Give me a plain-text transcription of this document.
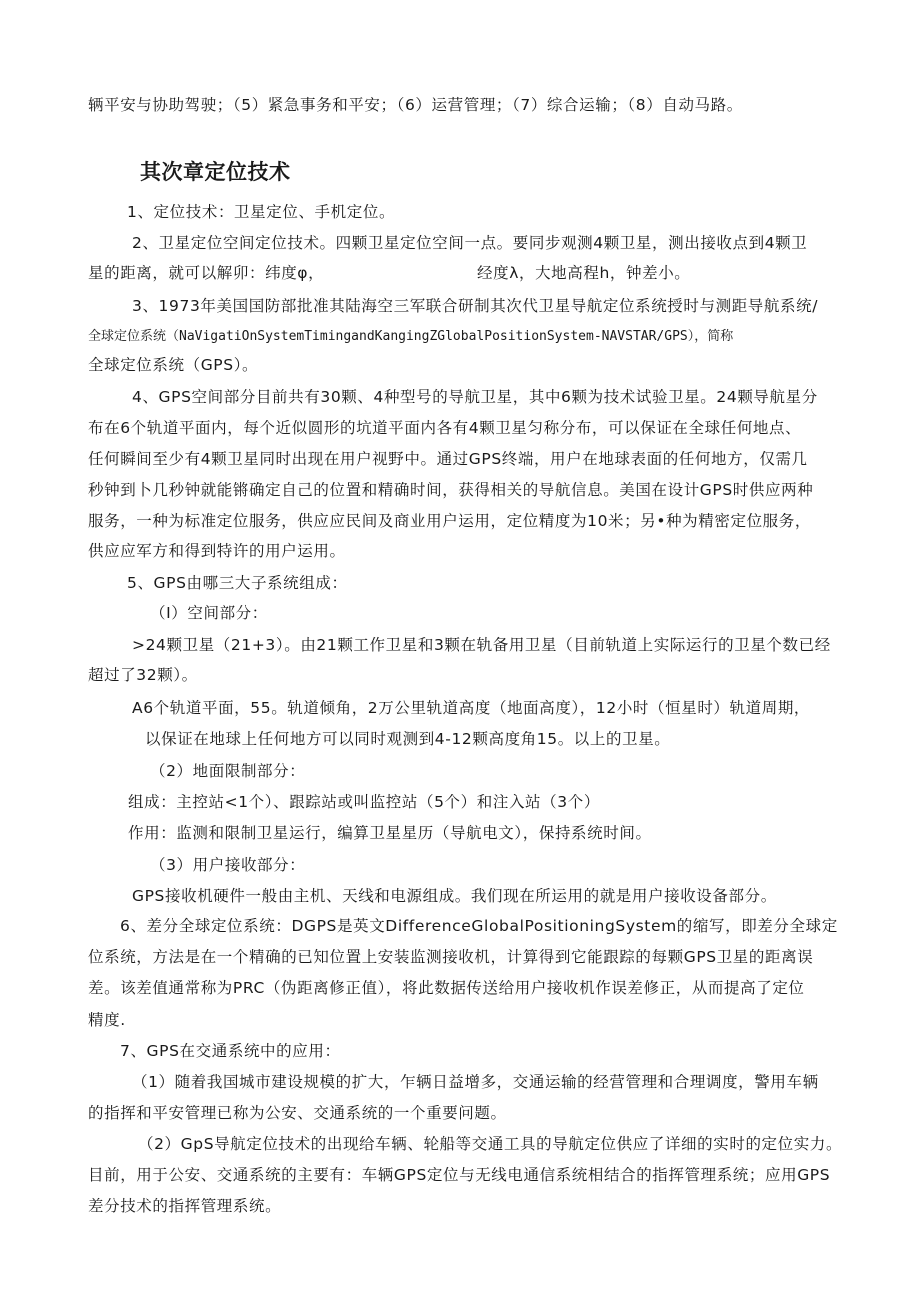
辆平安与协助驾驶；（5）紧急事务和平安；（6）运营管理；（7）综合运输；（8）自动马路。
其次章定位技术
1、定位技术：卫星定位、手机定位。
2、卫星定位空间定位技术。四颗卫星定位空间一点。要同步观测4颗卫星，测出接收点到4颗卫
星的距离，就可以解卯：纬度φ，	经度λ，大地高程h，钟差小。
3、1973年美国国防部批准其陆海空三军联合研制其次代卫星导航定位系统授时与测距导航系统/
全球定位系统（NaVigatiOnSystemTimingandKangingZGlobalPositionSystem-NAVSTAR/GPS），简称
全球定位系统（GPS）。
4、GPS空间部分目前共有30颗、4种型号的导航卫星，其中6颗为技术试验卫星。24颗导航星分
布在6个轨道平面内，每个近似圆形的坑道平面内各有4颗卫星匀称分布，可以保证在全球任何地点、
任何瞬间至少有4颗卫星同时出现在用户视野中。通过GPS终端，用户在地球表面的任何地方，仅需几
秒钟到卜几秒钟就能锵确定自己的位置和精确时间，获得相关的导航信息。美国在设计GPS时供应两种
服务，一种为标准定位服务，供应应民间及商业用户运用，定位精度为10米；另•种为精密定位服务，
供应应军方和得到特许的用户运用。
5、GPS由哪三大子系统组成：
（I）空间部分：
>24颗卫星（21+3）。由21颗工作卫星和3颗在轨备用卫星（目前轨道上实际运行的卫星个数已经
超过了32颗）。
A6个轨道平面，55。轨道倾角，2万公里轨道高度（地面高度），12小时（恒星时）轨道周期，
以保证在地球上任何地方可以同时观测到4-12颗高度角15。以上的卫星。
（2）地面限制部分：
组成：主控站<1个）、跟踪站或叫监控站（5个）和注入站（3个）
作用：监测和限制卫星运行，编算卫星星历（导航电文），保持系统时间。
（3）用户接收部分：
GPS接收机硬件一般由主机、天线和电源组成。我们现在所运用的就是用户接收设备部分。
6、差分全球定位系统：DGPS是英文DifferenceGlobalPositioningSystem的缩写，即差分全球定
位系统，方法是在一个精确的已知位置上安装监测接收机，计算得到它能跟踪的每颗GPS卫星的距离误
差。该差值通常称为PRC（伪距离修正值），将此数据传送给用户接收机作误差修正，从而提高了定位
精度.
7、GPS在交通系统中的应用：
（1）随着我国城市建设规模的扩大，乍辆日益增多，交通运输的经营管理和合理调度，警用车辆
的指挥和平安管理已称为公安、交通系统的一个重要问题。
（2）GpS导航定位技术的出现给车辆、轮船等交通工具的导航定位供应了详细的实时的定位实力。
目前，用于公安、交通系统的主要有：车辆GPS定位与无线电通信系统相结合的指挥管理系统；应用GPS
差分技术的指挥管理系统。
